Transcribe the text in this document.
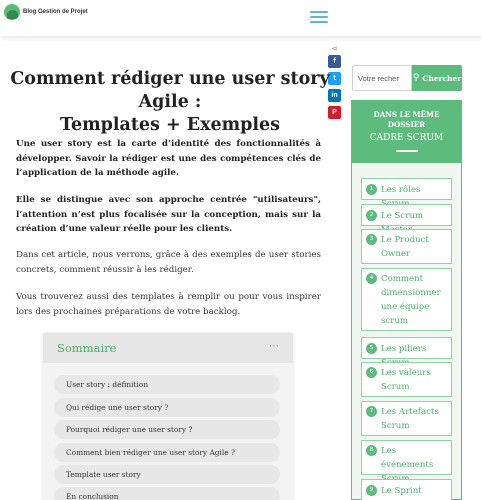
Blog Gestion de Projet
⋖
f
t
in
P
Comment rédiger une user story Agile :
Templates + Exemples

Une user story est la carte d’identité des fonctionnalités à développer. Savoir la rédiger est une des compétences clés de l’application de la méthode agile.

Elle se distingue avec son approche centrée "utilisateurs", l’attention n’est plus focalisée sur la conception, mais sur la création d’une valeur réelle pour les clients.

Dans cet article, nous verrons, grâce à des exemples de user stories concrets, comment réussir à les rédiger.

Vous trouverez aussi des templates à remplir ou pour vous inspirer lors des prochaines préparations de votre backlog.

Sommaire	⋯
User story : définition
Qui rédige une user story ?
Pourquoi rédiger une user story ?
Comment bien rédiger une user story Agile ?
Template user story
En conclusion
Votre recher
⚲ Chercher
DANS LE MÊME
DOSSIER
CADRE SCRUM
1 Les rôles
2 Le Scrum
3 Le Product
Owner
4 Comment
dimensionner
une équipe
scrum
5 Les piliers
6 Les valeurs
Scrum
7 Les Artefacts
Scrum
8 Les événements

9 Le Sprint
